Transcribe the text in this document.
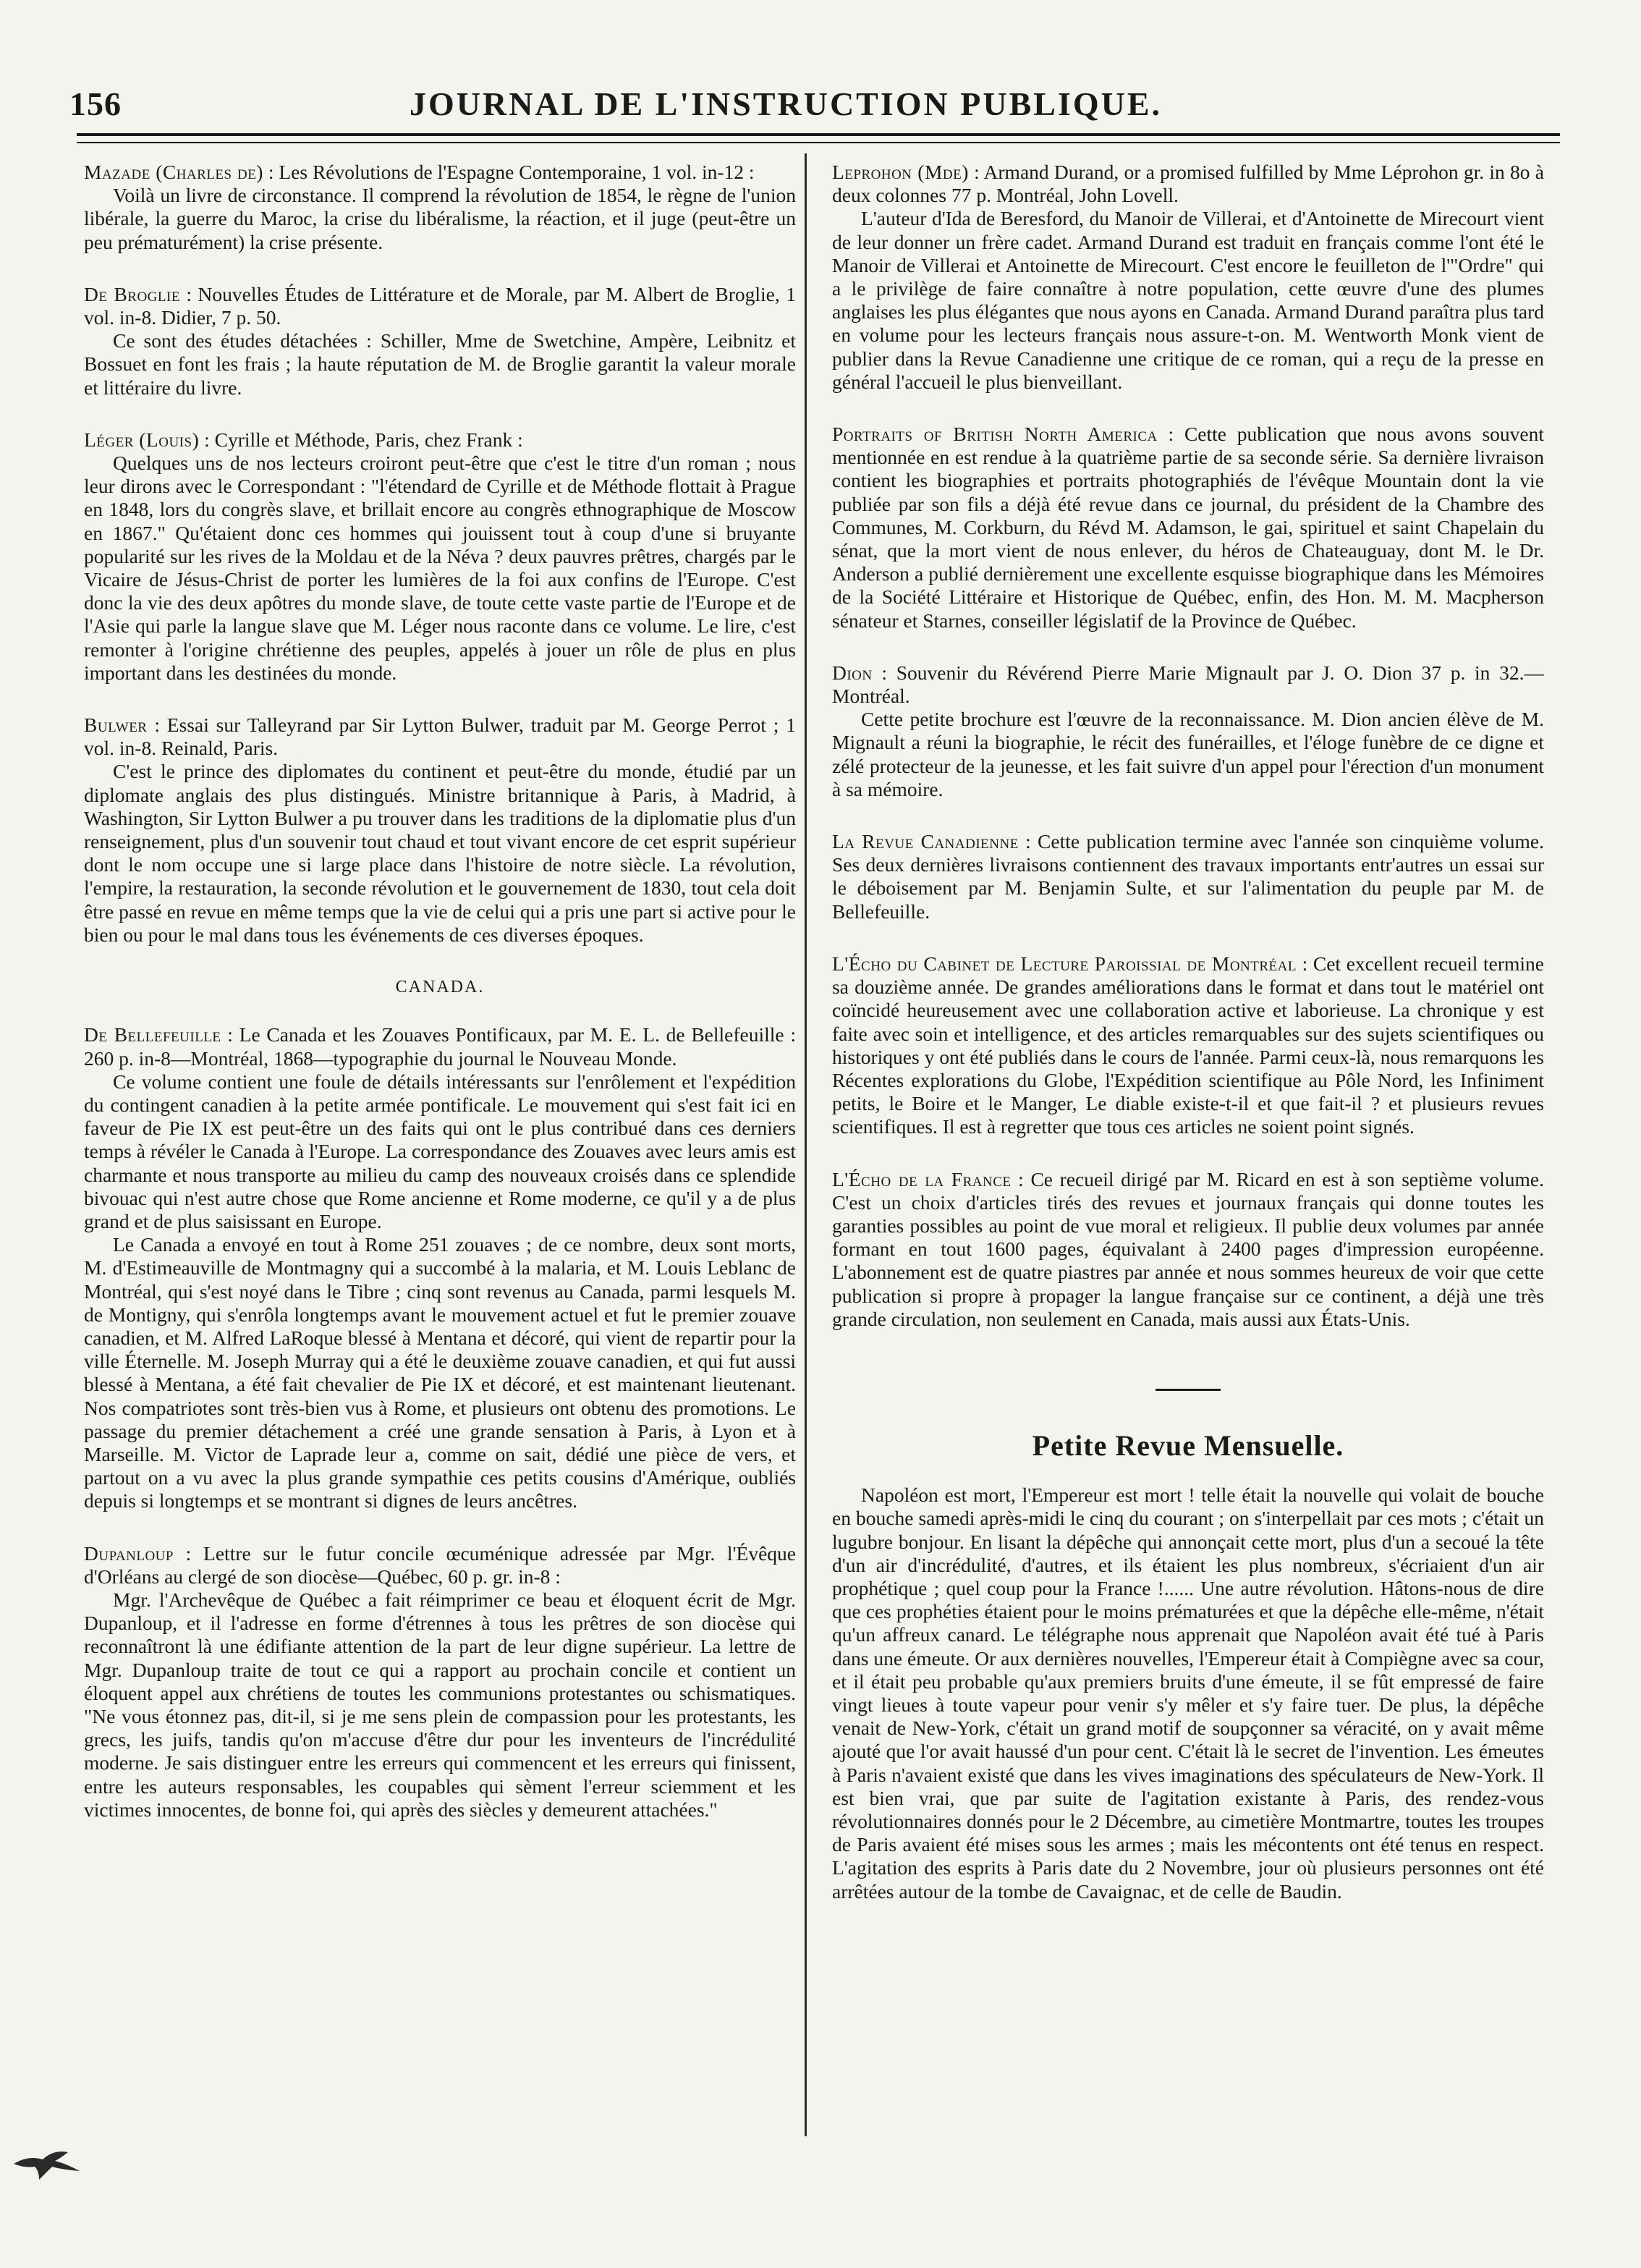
156	JOURNAL DE L'INSTRUCTION PUBLIQUE.

Mazade (Charles de) : Les Révolutions de l'Espagne Contemporaine, 1 vol. in-12 :

Voilà un livre de circonstance. Il comprend la révolution de 1854, le règne de l'union libérale, la guerre du Maroc, la crise du libéralisme, la réaction, et il juge (peut-être un peu prématurément) la crise présente.

De Broglie : Nouvelles Études de Littérature et de Morale, par M. Albert de Broglie, 1 vol. in-8. Didier, 7 p. 50.

Ce sont des études détachées : Schiller, Mme de Swetchine, Ampère, Leibnitz et Bossuet en font les frais ; la haute réputation de M. de Broglie garantit la valeur morale et littéraire du livre.

Léger (Louis) : Cyrille et Méthode, Paris, chez Frank :

Quelques uns de nos lecteurs croiront peut-être que c'est le titre d'un roman ; nous leur dirons avec le Correspondant : "l'étendard de Cyrille et de Méthode flottait à Prague en 1848, lors du congrès slave, et brillait encore au congrès ethnographique de Moscow en 1867." Qu'étaient donc ces hommes qui jouissent tout à coup d'une si bruyante popularité sur les rives de la Moldau et de la Néva ? deux pauvres prêtres, chargés par le Vicaire de Jésus-Christ de porter les lumières de la foi aux confins de l'Europe. C'est donc la vie des deux apôtres du monde slave, de toute cette vaste partie de l'Europe et de l'Asie qui parle la langue slave que M. Léger nous raconte dans ce volume. Le lire, c'est remonter à l'origine chrétienne des peuples, appelés à jouer un rôle de plus en plus important dans les destinées du monde.

Bulwer : Essai sur Talleyrand par Sir Lytton Bulwer, traduit par M. George Perrot ; 1 vol. in-8. Reinald, Paris.

C'est le prince des diplomates du continent et peut-être du monde, étudié par un diplomate anglais des plus distingués. Ministre britannique à Paris, à Madrid, à Washington, Sir Lytton Bulwer a pu trouver dans les traditions de la diplomatie plus d'un renseignement, plus d'un souvenir tout chaud et tout vivant encore de cet esprit supérieur dont le nom occupe une si large place dans l'histoire de notre siècle. La révolution, l'empire, la restauration, la seconde révolution et le gouvernement de 1830, tout cela doit être passé en revue en même temps que la vie de celui qui a pris une part si active pour le bien ou pour le mal dans tous les événements de ces diverses époques.

CANADA.

De Bellefeuille : Le Canada et les Zouaves Pontificaux, par M. E. L. de Bellefeuille : 260 p. in-8—Montréal, 1868—typographie du journal le Nouveau Monde.

Ce volume contient une foule de détails intéressants sur l'enrôlement et l'expédition du contingent canadien à la petite armée pontificale. Le mouvement qui s'est fait ici en faveur de Pie IX est peut-être un des faits qui ont le plus contribué dans ces derniers temps à révéler le Canada à l'Europe. La correspondance des Zouaves avec leurs amis est charmante et nous transporte au milieu du camp des nouveaux croisés dans ce splendide bivouac qui n'est autre chose que Rome ancienne et Rome moderne, ce qu'il y a de plus grand et de plus saisissant en Europe.

Le Canada a envoyé en tout à Rome 251 zouaves ; de ce nombre, deux sont morts, M. d'Estimeauville de Montmagny qui a succombé à la malaria, et M. Louis Leblanc de Montréal, qui s'est noyé dans le Tibre ; cinq sont revenus au Canada, parmi lesquels M. de Montigny, qui s'enrôla longtemps avant le mouvement actuel et fut le premier zouave canadien, et M. Alfred LaRoque blessé à Mentana et décoré, qui vient de repartir pour la ville Éternelle. M. Joseph Murray qui a été le deuxième zouave canadien, et qui fut aussi blessé à Mentana, a été fait chevalier de Pie IX et décoré, et est maintenant lieutenant. Nos compatriotes sont très-bien vus à Rome, et plusieurs ont obtenu des promotions. Le passage du premier détachement a créé une grande sensation à Paris, à Lyon et à Marseille. M. Victor de Laprade leur a, comme on sait, dédié une pièce de vers, et partout on a vu avec la plus grande sympathie ces petits cousins d'Amérique, oubliés depuis si longtemps et se montrant si dignes de leurs ancêtres.

Dupanloup : Lettre sur le futur concile œcuménique adressée par Mgr. l'Évêque d'Orléans au clergé de son diocèse—Québec, 60 p. gr. in-8 :

Mgr. l'Archevêque de Québec a fait réimprimer ce beau et éloquent écrit de Mgr. Dupanloup, et il l'adresse en forme d'étrennes à tous les prêtres de son diocèse qui reconnaîtront là une édifiante attention de la part de leur digne supérieur. La lettre de Mgr. Dupanloup traite de tout ce qui a rapport au prochain concile et contient un éloquent appel aux chrétiens de toutes les communions protestantes ou schismatiques. "Ne vous étonnez pas, dit-il, si je me sens plein de compassion pour les protestants, les grecs, les juifs, tandis qu'on m'accuse d'être dur pour les inventeurs de l'incrédulité moderne. Je sais distinguer entre les erreurs qui commencent et les erreurs qui finissent, entre les auteurs responsables, les coupables qui sèment l'erreur sciemment et les victimes innocentes, de bonne foi, qui après des siècles y demeurent attachées."

Leprohon (Mde) : Armand Durand, or a promised fulfilled by Mme Léprohon gr. in 8o à deux colonnes 77 p. Montréal, John Lovell.

L'auteur d'Ida de Beresford, du Manoir de Villerai, et d'Antoinette de Mirecourt vient de leur donner un frère cadet. Armand Durand est traduit en français comme l'ont été le Manoir de Villerai et Antoinette de Mirecourt. C'est encore le feuilleton de l'"Ordre" qui a le privilège de faire connaître à notre population, cette œuvre d'une des plumes anglaises les plus élégantes que nous ayons en Canada. Armand Durand paraîtra plus tard en volume pour les lecteurs français nous assure-t-on. M. Wentworth Monk vient de publier dans la Revue Canadienne une critique de ce roman, qui a reçu de la presse en général l'accueil le plus bienveillant.

Portraits of British North America : Cette publication que nous avons souvent mentionnée en est rendue à la quatrième partie de sa seconde série. Sa dernière livraison contient les biographies et portraits photographiés de l'évêque Mountain dont la vie publiée par son fils a déjà été revue dans ce journal, du président de la Chambre des Communes, M. Corkburn, du Révd M. Adamson, le gai, spirituel et saint Chapelain du sénat, que la mort vient de nous enlever, du héros de Chateauguay, dont M. le Dr. Anderson a publié dernièrement une excellente esquisse biographique dans les Mémoires de la Société Littéraire et Historique de Québec, enfin, des Hon. M. M. Macpherson sénateur et Starnes, conseiller législatif de la Province de Québec.

Dion : Souvenir du Révérend Pierre Marie Mignault par J. O. Dion 37 p. in 32.—Montréal.

Cette petite brochure est l'œuvre de la reconnaissance. M. Dion ancien élève de M. Mignault a réuni la biographie, le récit des funérailles, et l'éloge funèbre de ce digne et zélé protecteur de la jeunesse, et les fait suivre d'un appel pour l'érection d'un monument à sa mémoire.

La Revue Canadienne : Cette publication termine avec l'année son cinquième volume. Ses deux dernières livraisons contiennent des travaux importants entr'autres un essai sur le déboisement par M. Benjamin Sulte, et sur l'alimentation du peuple par M. de Bellefeuille.

L'Écho du Cabinet de Lecture Paroissial de Montréal : Cet excellent recueil termine sa douzième année. De grandes améliorations dans le format et dans tout le matériel ont coïncidé heureusement avec une collaboration active et laborieuse. La chronique y est faite avec soin et intelligence, et des articles remarquables sur des sujets scientifiques ou historiques y ont été publiés dans le cours de l'année. Parmi ceux-là, nous remarquons les Récentes explorations du Globe, l'Expédition scientifique au Pôle Nord, les Infiniment petits, le Boire et le Manger, Le diable existe-t-il et que fait-il ? et plusieurs revues scientifiques. Il est à regretter que tous ces articles ne soient point signés.

L'Écho de la France : Ce recueil dirigé par M. Ricard en est à son septième volume. C'est un choix d'articles tirés des revues et journaux français qui donne toutes les garanties possibles au point de vue moral et religieux. Il publie deux volumes par année formant en tout 1600 pages, équivalant à 2400 pages d'impression européenne. L'abonnement est de quatre piastres par année et nous sommes heureux de voir que cette publication si propre à propager la langue française sur ce continent, a déjà une très grande circulation, non seulement en Canada, mais aussi aux États-Unis.

Petite Revue Mensuelle.

Napoléon est mort, l'Empereur est mort ! telle était la nouvelle qui volait de bouche en bouche samedi après-midi le cinq du courant ; on s'interpellait par ces mots ; c'était un lugubre bonjour. En lisant la dépêche qui annonçait cette mort, plus d'un a secoué la tête d'un air d'incrédulité, d'autres, et ils étaient les plus nombreux, s'écriaient d'un air prophétique ; quel coup pour la France !...... Une autre révolution. Hâtons-nous de dire que ces prophéties étaient pour le moins prématurées et que la dépêche elle-même, n'était qu'un affreux canard. Le télégraphe nous apprenait que Napoléon avait été tué à Paris dans une émeute. Or aux dernières nouvelles, l'Empereur était à Compiègne avec sa cour, et il était peu probable qu'aux premiers bruits d'une émeute, il se fût empressé de faire vingt lieues à toute vapeur pour venir s'y mêler et s'y faire tuer. De plus, la dépêche venait de New-York, c'était un grand motif de soupçonner sa véracité, on y avait même ajouté que l'or avait haussé d'un pour cent. C'était là le secret de l'invention. Les émeutes à Paris n'avaient existé que dans les vives imaginations des spéculateurs de New-York. Il est bien vrai, que par suite de l'agitation existante à Paris, des rendez-vous révolutionnaires donnés pour le 2 Décembre, au cimetière Montmartre, toutes les troupes de Paris avaient été mises sous les armes ; mais les mécontents ont été tenus en respect. L'agitation des esprits à Paris date du 2 Novembre, jour où plusieurs personnes ont été arrêtées autour de la tombe de Cavaignac, et de celle de Baudin.
